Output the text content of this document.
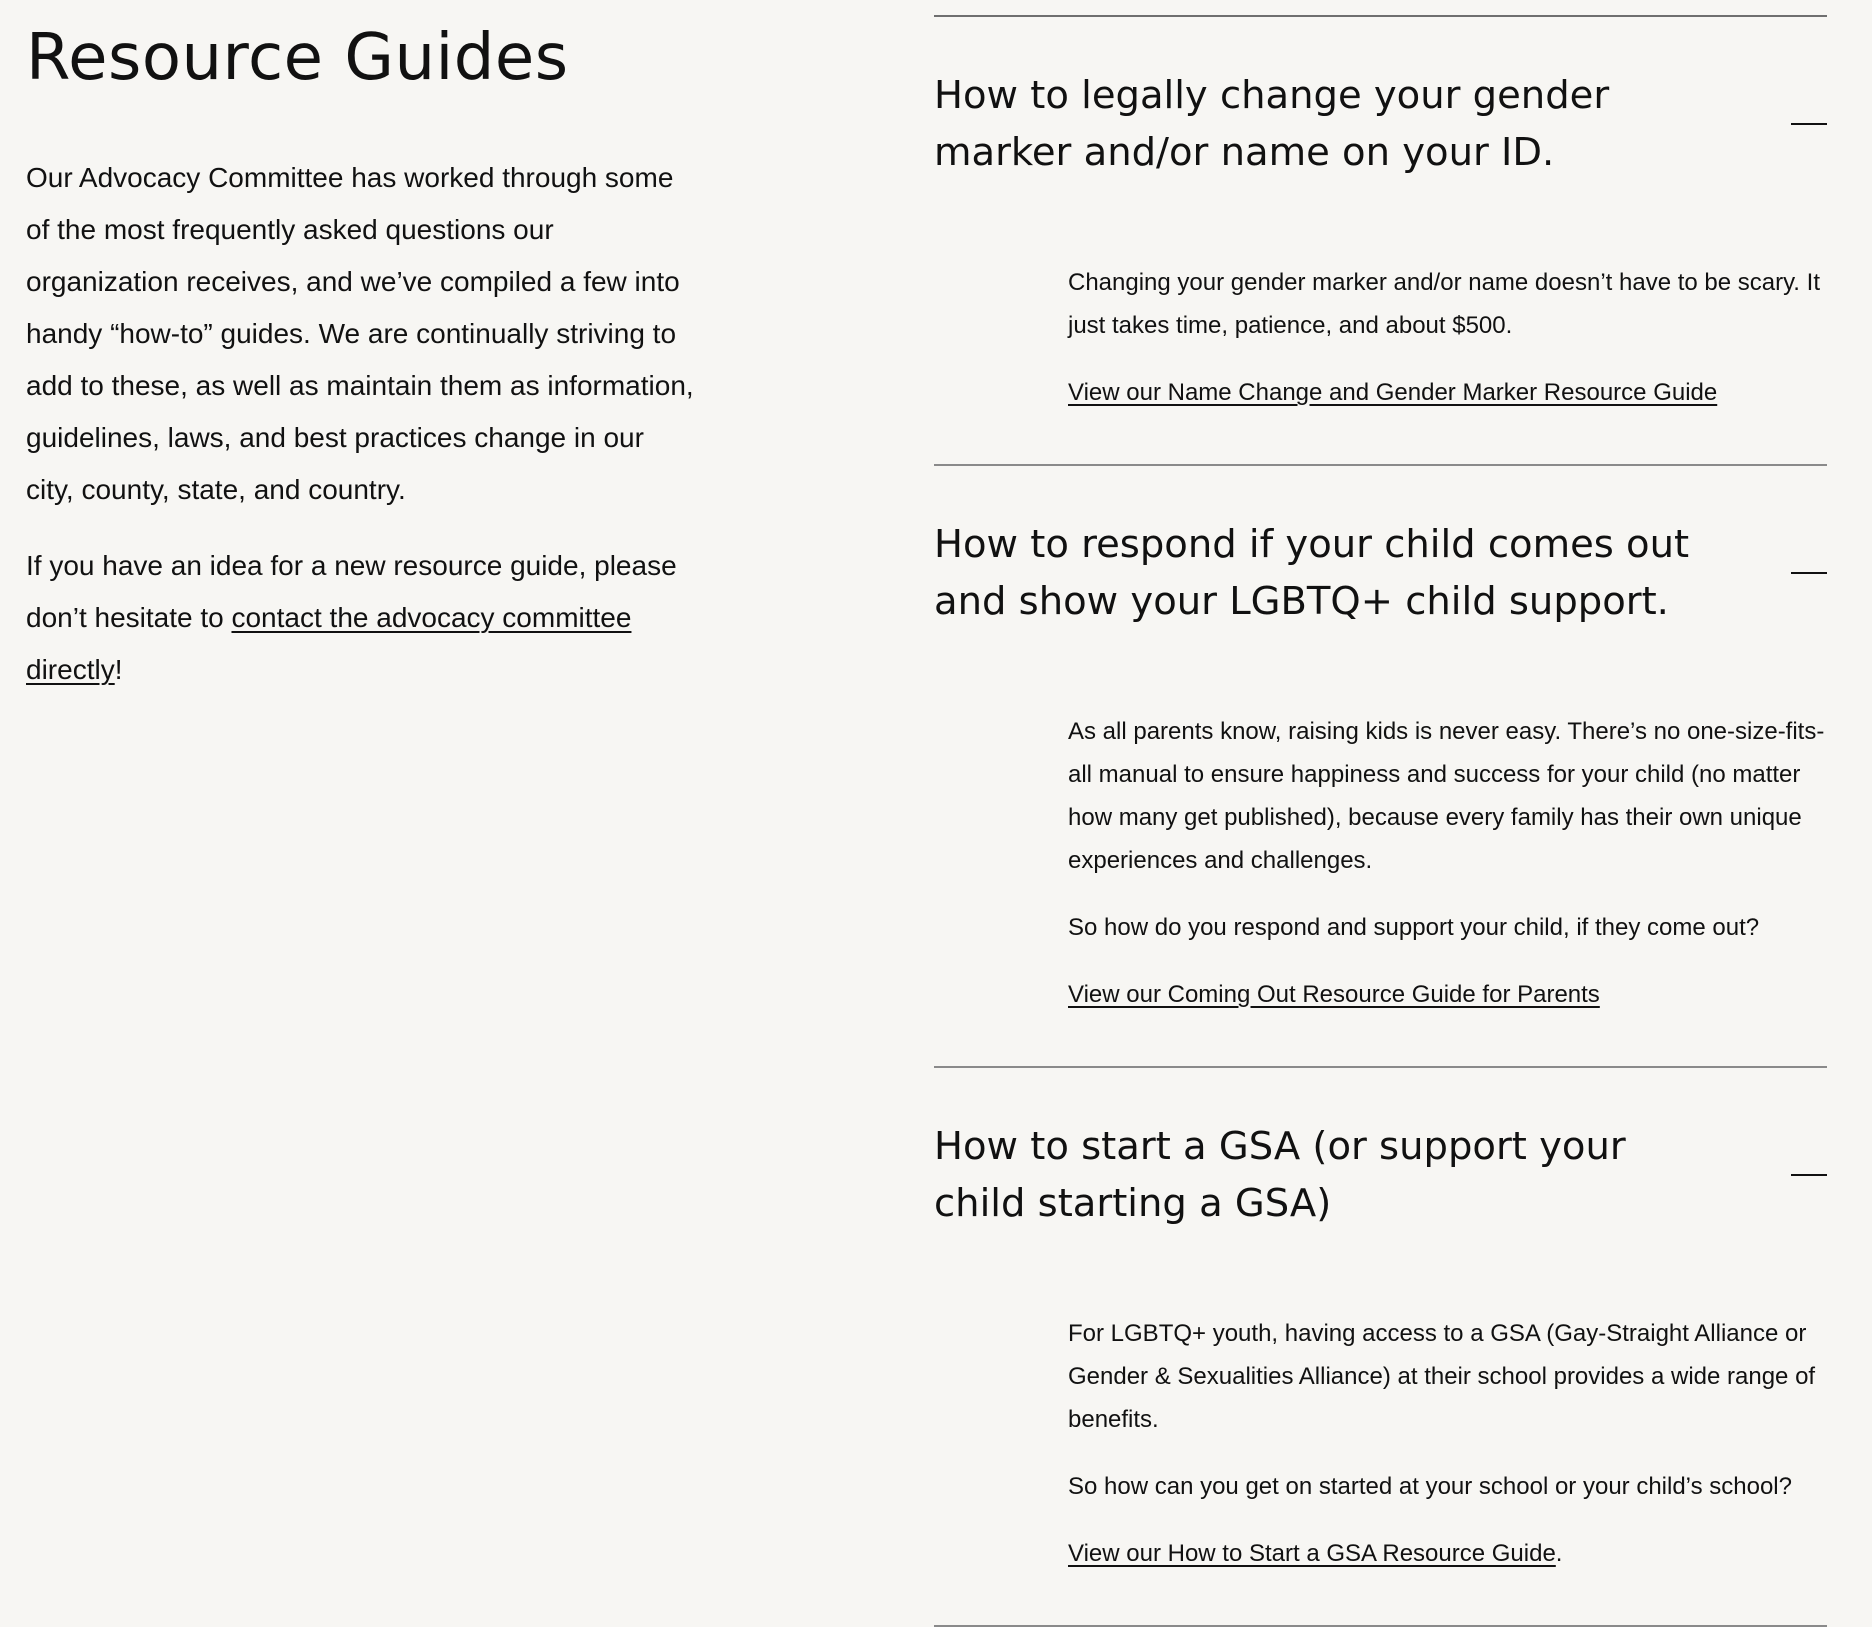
Resource Guides

Our Advocacy Committee has worked through some of the most frequently asked questions our organization receives, and we’ve compiled a few into handy “how-to” guides. We are continually striving to add to these, as well as maintain them as information, guidelines, laws, and best practices change in our city, county, state, and country.

If you have an idea for a new resource guide, please don’t hesitate to contact the advocacy committee directly!

How to legally change your gender marker and/or name on your ID.

Changing your gender marker and/or name doesn’t have to be scary. It just takes time, patience, and about $500.

View our Name Change and Gender Marker Resource Guide

How to respond if your child comes out and show your LGBTQ+ child support.

As all parents know, raising kids is never easy. There’s no one-size-fits-all manual to ensure happiness and success for your child (no matter how many get published), because every family has their own unique experiences and challenges.

So how do you respond and support your child, if they come out?

View our Coming Out Resource Guide for Parents

How to start a GSA (or support your child starting a GSA)

For LGBTQ+ youth, having access to a GSA (Gay-Straight Alliance or Gender & Sexualities Alliance) at their school provides a wide range of benefits.

So how can you get on started at your school or your child’s school?

View our How to Start a GSA Resource Guide.
